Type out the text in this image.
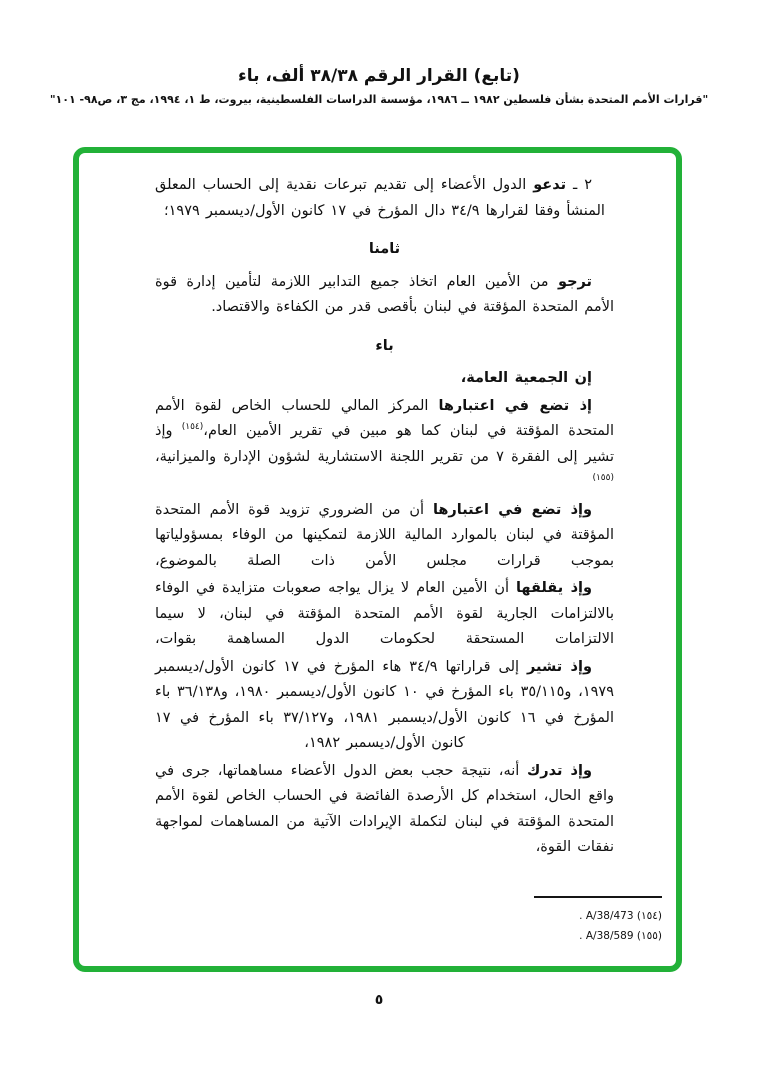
(تابع) القرار الرقم ٣٨/٣٨ ألف، باء
"قرارات الأمم المتحدة بشأن فلسطين ١٩٨٢ ــ ١٩٨٦، مؤسسة الدراسات الفلسطينية، بيروت، ط ١، ١٩٩٤، مج ٣، ص٩٨- ١٠١"
٢ ـ تدعو الدول الأعضاء إلى تقديم تبرعات نقدية إلى الحساب المعلق المنشأ وفقا لقرارها ٣٤/٩ دال المؤرخ في ١٧ كانون الأول/ديسمبر ١٩٧٩؛
ثامنا
ترجو من الأمين العام اتخاذ جميع التدابير اللازمة لتأمين إدارة قوة الأمم المتحدة المؤقتة في لبنان بأقصى قدر من الكفاءة والاقتصاد.
باء
إن الجمعية العامة،
إذ تضع في اعتبارها المركز المالي للحساب الخاص لقوة الأمم المتحدة المؤقتة في لبنان كما هو مبين في تقرير الأمين العام،$^{(١٥٤)}$ وإذ تشير إلى الفقرة ٧ من تقرير اللجنة الاستشارية لشؤون الإدارة والميزانية،$^{(١٥٥)}$
وإذ تضع في اعتبارها أن من الضروري تزويد قوة الأمم المتحدة المؤقتة في لبنان بالموارد المالية اللازمة لتمكينها من الوفاء بمسؤولياتها بموجب قرارات مجلس الأمن ذات الصلة بالموضوع،
وإذ يقلقها أن الأمين العام لا يزال يواجه صعوبات متزايدة في الوفاء بالالتزامات الجارية لقوة الأمم المتحدة المؤقتة في لبنان، لا سيما الالتزامات المستحقة لحكومات الدول المساهمة بقوات،
وإذ تشير إلى قراراتها ٣٤/٩ هاء المؤرخ في ١٧ كانون الأول/ديسمبر ١٩٧٩، و٣٥/١١٥ باء المؤرخ في ١٠ كانون الأول/ديسمبر ١٩٨٠، و٣٦/١٣٨ باء المؤرخ في ١٦ كانون الأول/ديسمبر ١٩٨١، و٣٧/١٢٧ باء المؤرخ في ١٧ كانون الأول/ديسمبر ١٩٨٢،
وإذ تدرك أنه، نتيجة حجب بعض الدول الأعضاء مساهماتها، جرى في واقع الحال، استخدام كل الأرصدة الفائضة في الحساب الخاص لقوة الأمم المتحدة المؤقتة في لبنان لتكملة الإيرادات الآتية من المساهمات لمواجهة نفقات القوة،
(١٥٤) A/38/473 .
(١٥٥) A/38/589 .
٥
